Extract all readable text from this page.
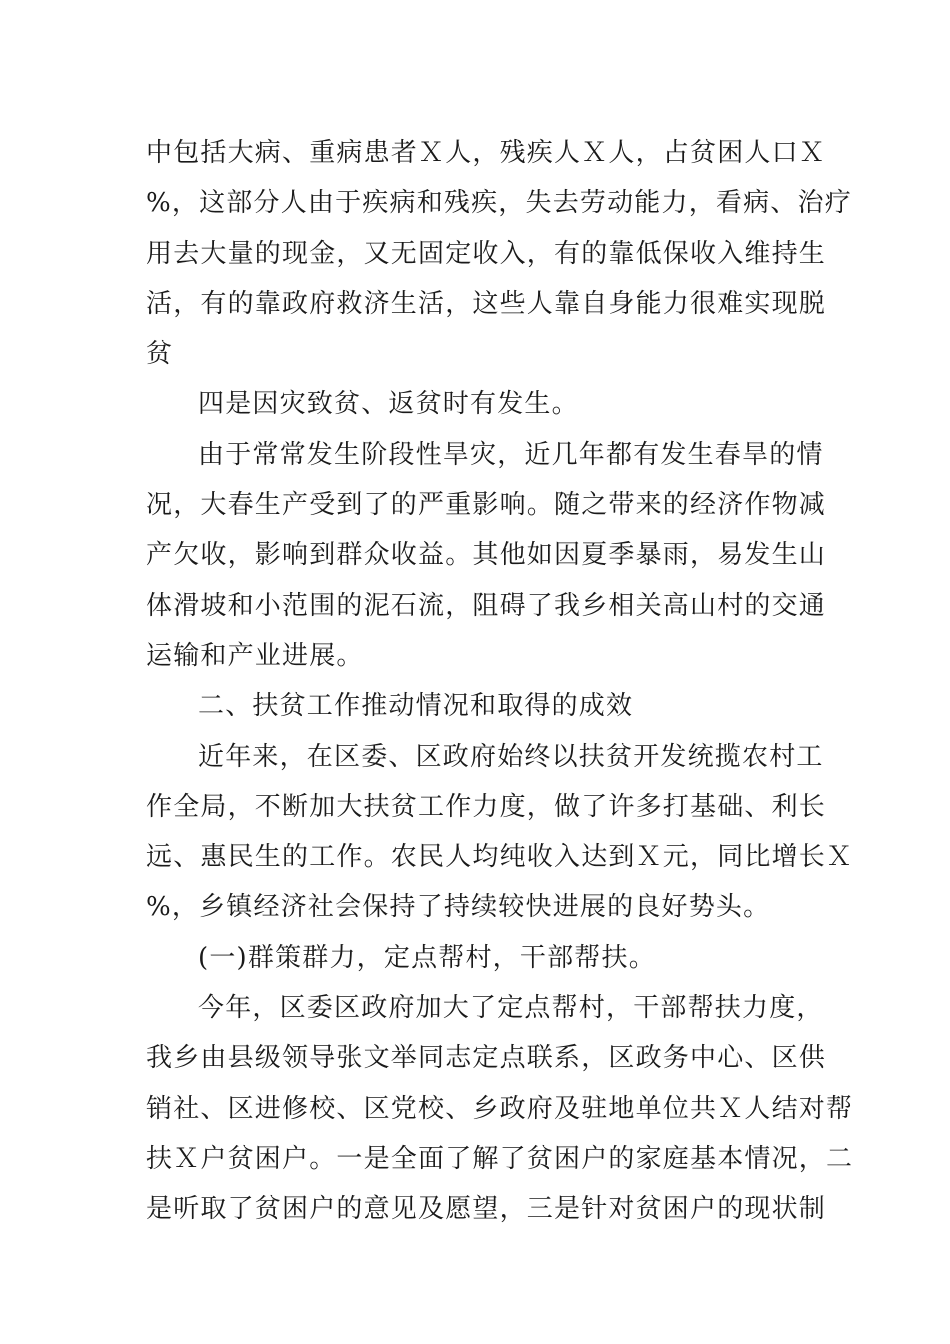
中包括大病、重病患者Ｘ人，残疾人Ｘ人，占贫困人口Ｘ
%，这部分人由于疾病和残疾，失去劳动能力，看病、治疗
用去大量的现金，又无固定收入，有的靠低保收入维持生
活，有的靠政府救济生活，这些人靠自身能力很难实现脱
贫
四是因灾致贫、返贫时有发生。
由于常常发生阶段性旱灾，近几年都有发生春旱的情
况，大春生产受到了的严重影响。随之带来的经济作物减
产欠收，影响到群众收益。其他如因夏季暴雨，易发生山
体滑坡和小范围的泥石流，阻碍了我乡相关高山村的交通
运输和产业进展。
二、扶贫工作推动情况和取得的成效
近年来，在区委、区政府始终以扶贫开发统揽农村工
作全局，不断加大扶贫工作力度，做了许多打基础、利长
远、惠民生的工作。农民人均纯收入达到Ｘ元，同比增长Ｘ
%，乡镇经济社会保持了持续较快进展的良好势头。
(一)群策群力，定点帮村，干部帮扶。
今年，区委区政府加大了定点帮村，干部帮扶力度，
我乡由县级领导张文举同志定点联系，区政务中心、区供
销社、区进修校、区党校、乡政府及驻地单位共Ｘ人结对帮
扶Ｘ户贫困户。一是全面了解了贫困户的家庭基本情况，二
是听取了贫困户的意见及愿望，三是针对贫困户的现状制
